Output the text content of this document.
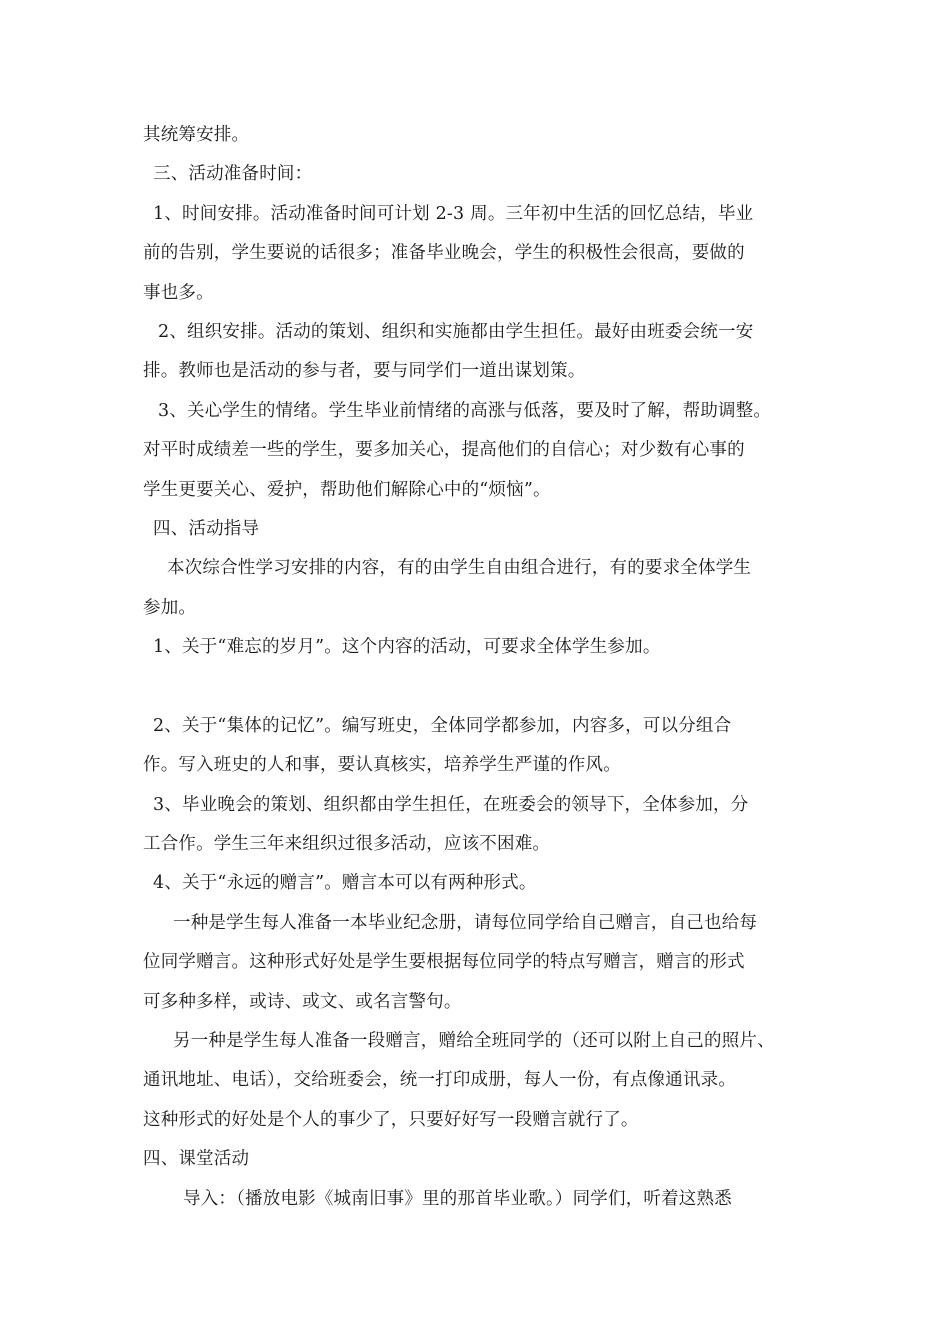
其统筹安排。
三、活动准备时间：
1、时间安排。活动准备时间可计划 2-3 周。三年初中生活的回忆总结，毕业
前的告别，学生要说的话很多；准备毕业晚会，学生的积极性会很高，要做的
事也多。
2、组织安排。活动的策划、组织和实施都由学生担任。最好由班委会统一安
排。教师也是活动的参与者，要与同学们一道出谋划策。
3、关心学生的情绪。学生毕业前情绪的高涨与低落，要及时了解，帮助调整。
对平时成绩差一些的学生，要多加关心，提高他们的自信心；对少数有心事的
学生更要关心、爱护，帮助他们解除心中的“烦恼”。
四、活动指导
本次综合性学习安排的内容，有的由学生自由组合进行，有的要求全体学生
参加。
1、关于“难忘的岁月”。这个内容的活动，可要求全体学生参加。
2、关于“集体的记忆”。编写班史，全体同学都参加，内容多，可以分组合
作。写入班史的人和事，要认真核实，培养学生严谨的作风。
3、毕业晚会的策划、组织都由学生担任，在班委会的领导下，全体参加，分
工合作。学生三年来组织过很多活动，应该不困难。
4、关于“永远的赠言”。赠言本可以有两种形式。
一种是学生每人准备一本毕业纪念册，请每位同学给自己赠言，自己也给每
位同学赠言。这种形式好处是学生要根据每位同学的特点写赠言，赠言的形式
可多种多样，或诗、或文、或名言警句。
另一种是学生每人准备一段赠言，赠给全班同学的（还可以附上自己的照片、
通讯地址、电话），交给班委会，统一打印成册，每人一份，有点像通讯录。
这种形式的好处是个人的事少了，只要好好写一段赠言就行了。
四、课堂活动
导入：（播放电影《城南旧事》里的那首毕业歌。）同学们，听着这熟悉
